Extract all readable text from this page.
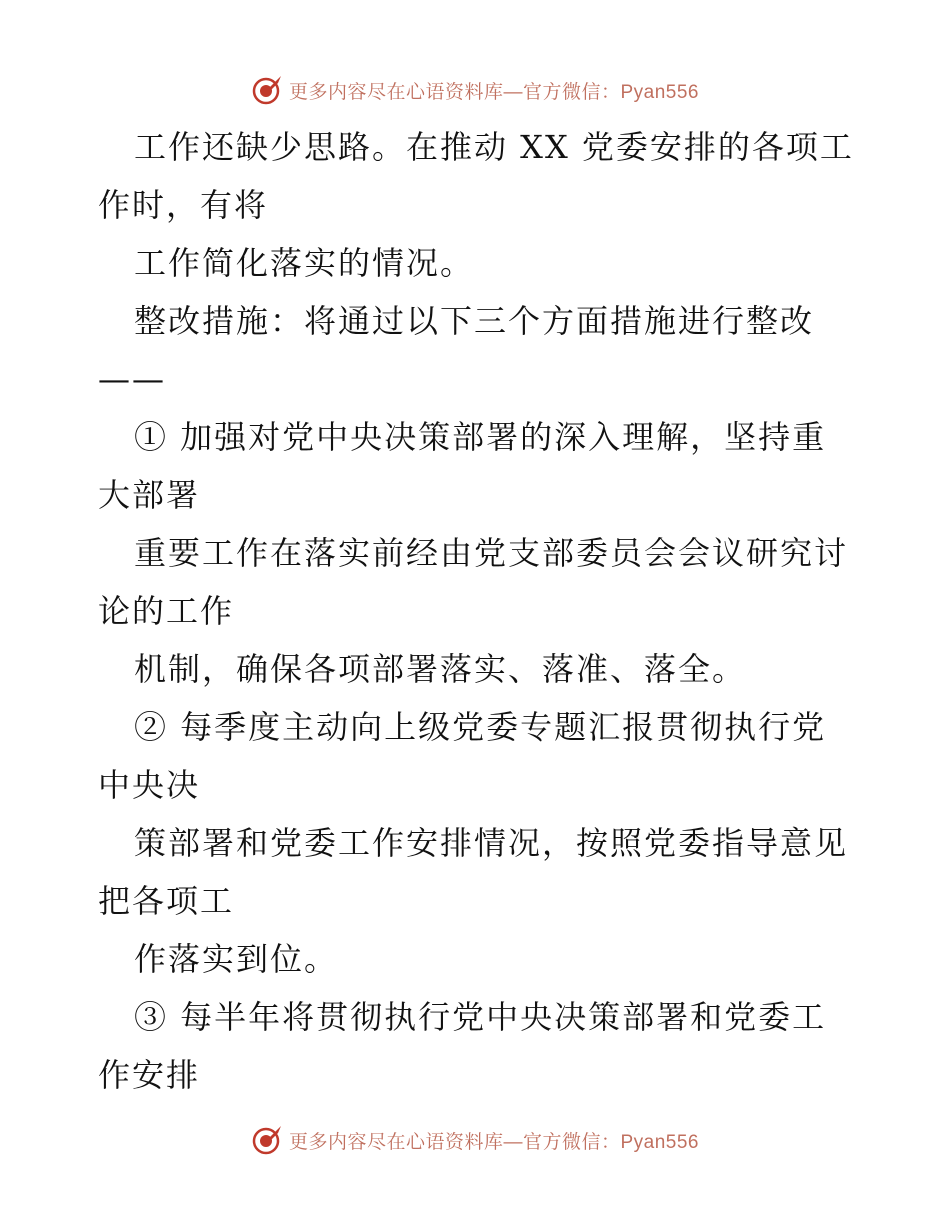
更多内容尽在心语资料库—官方微信：Pyan556
工作还缺少思路。在推动 XX 党委安排的各项工
作时，有将
工作简化落实的情况。
整改措施：将通过以下三个方面措施进行整改
——
① 加强对党中央决策部署的深入理解，坚持重
大部署
重要工作在落实前经由党支部委员会会议研究讨
论的工作
机制，确保各项部署落实、落准、落全。
② 每季度主动向上级党委专题汇报贯彻执行党
中央决
策部署和党委工作安排情况，按照党委指导意见
把各项工
作落实到位。
③ 每半年将贯彻执行党中央决策部署和党委工
作安排
更多内容尽在心语资料库—官方微信：Pyan556
